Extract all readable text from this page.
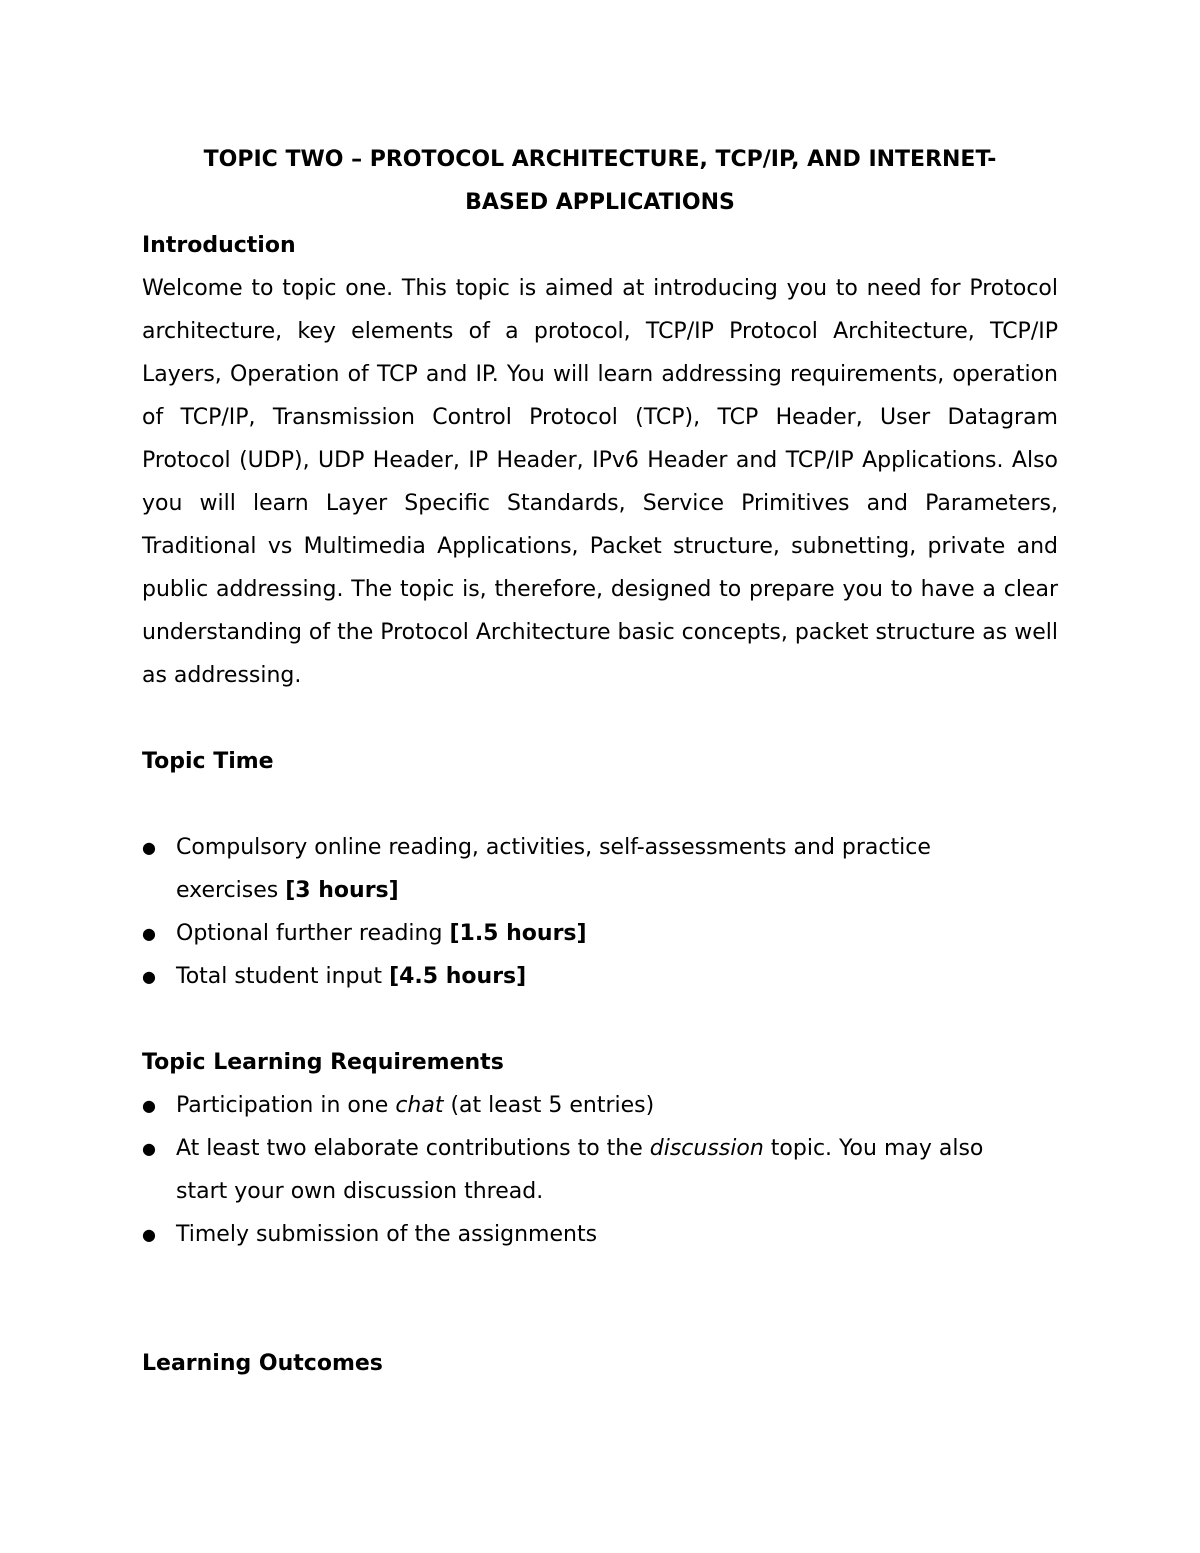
TOPIC TWO – PROTOCOL ARCHITECTURE, TCP/IP, AND INTERNET-
BASED APPLICATIONS
Introduction

Welcome to topic one. This topic is aimed at introducing you to need for Protocol architecture, key elements of a protocol, TCP/IP Protocol Architecture, TCP/IP Layers, Operation of TCP and IP. You will learn addressing requirements, operation of TCP/IP, Transmission Control Protocol (TCP), TCP Header, User Datagram Protocol (UDP), UDP Header, IP Header, IPv6 Header and TCP/IP Applications. Also you will learn Layer Specific Standards, Service Primitives and Parameters, Traditional vs Multimedia Applications, Packet structure, subnetting, private and public addressing. The topic is, therefore, designed to prepare you to have a clear understanding of the Protocol Architecture basic concepts, packet structure as well as addressing.

Topic Time
● Compulsory online reading, activities, self-assessments and practice exercises [3 hours]
● Optional further reading [1.5 hours]
● Total student input [4.5 hours]
Topic Learning Requirements
● Participation in one chat (at least 5 entries)
● At least two elaborate contributions to the discussion topic. You may also start your own discussion thread.
● Timely submission of the assignments
Learning Outcomes
